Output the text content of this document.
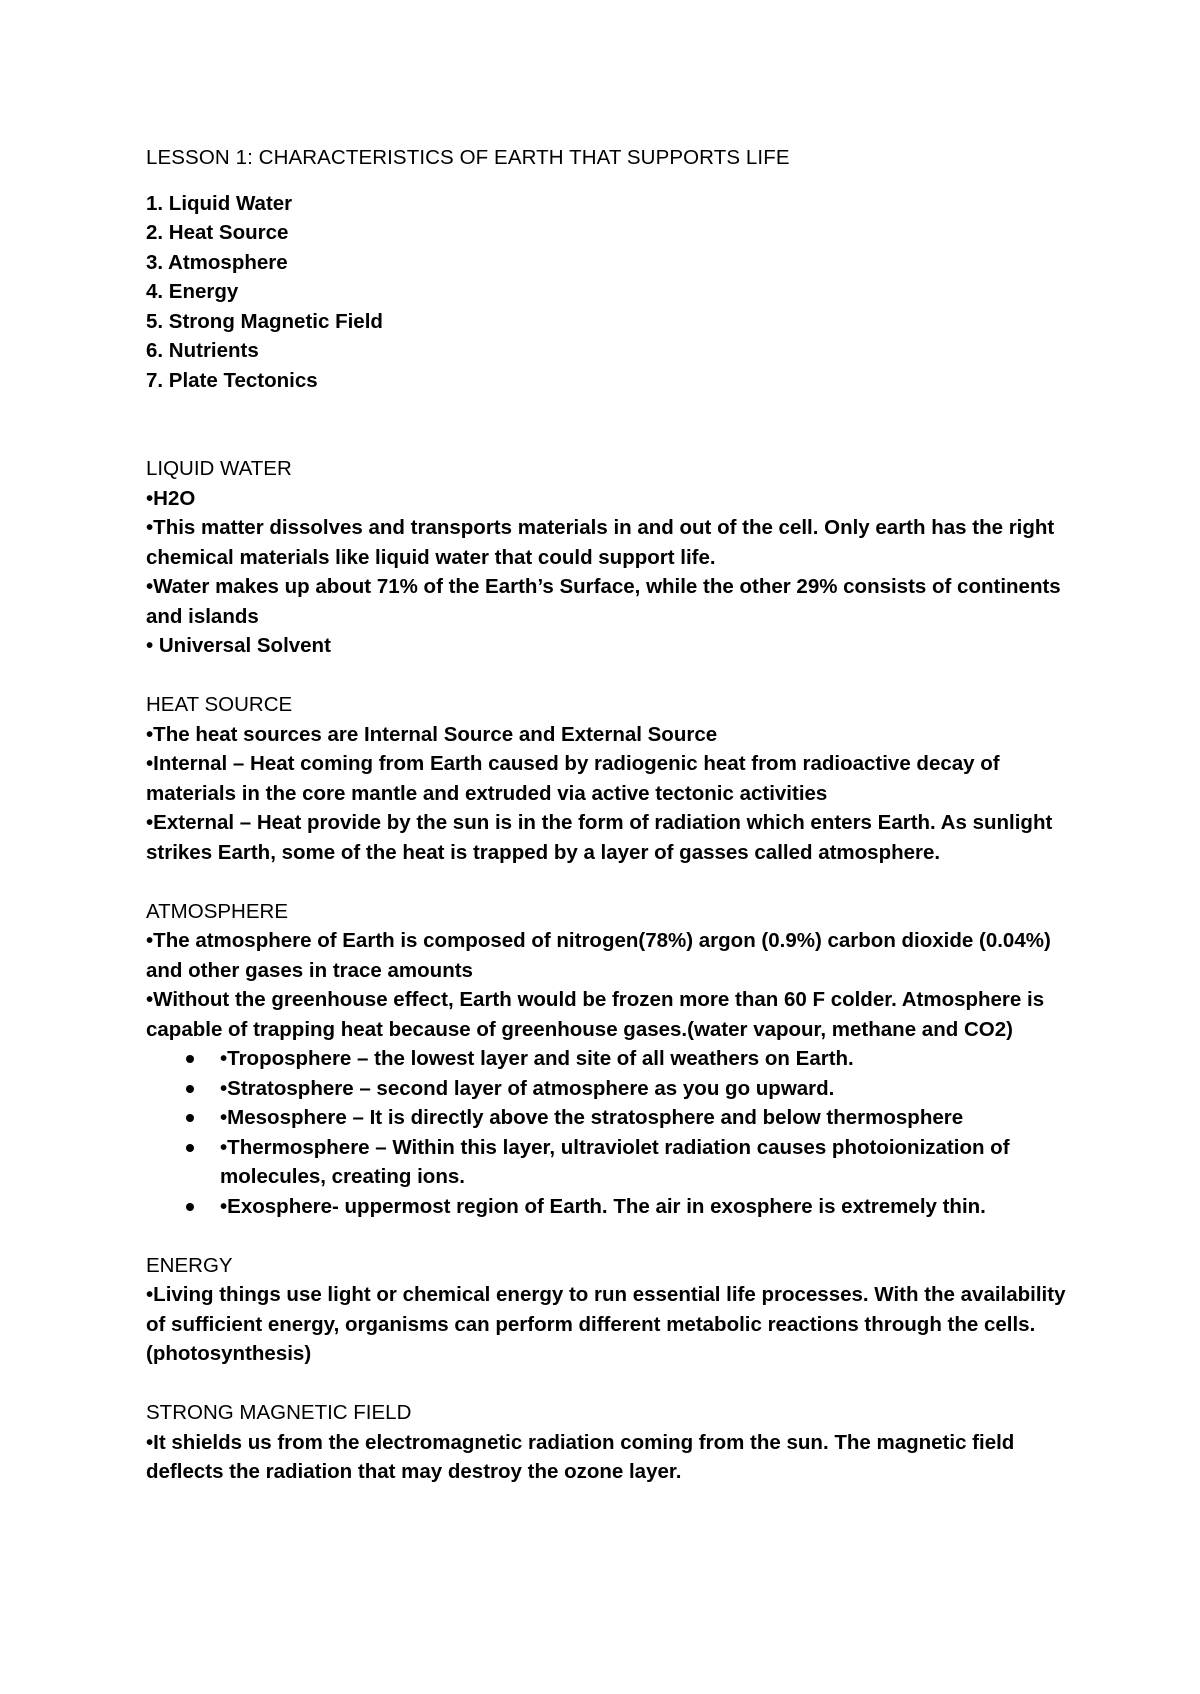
LESSON 1: CHARACTERISTICS OF EARTH THAT SUPPORTS LIFE
1. Liquid Water
2. Heat Source
3. Atmosphere
4. Energy
5. Strong Magnetic Field
6. Nutrients
7. Plate Tectonics
LIQUID WATER
•H2O
•This matter dissolves and transports materials in and out of the cell. Only earth has the right chemical materials like liquid water that could support life.
•Water makes up about 71% of the Earth’s Surface, while the other 29% consists of continents and islands
• Universal Solvent
HEAT SOURCE
•The heat sources are Internal Source and External Source
•Internal – Heat coming from Earth caused by radiogenic heat from radioactive decay of materials in the core mantle and extruded via active tectonic activities
•External – Heat provide by the sun is in the form of radiation which enters Earth. As sunlight strikes Earth, some of the heat is trapped by a layer of gasses called atmosphere.
ATMOSPHERE
•The atmosphere of Earth is composed of nitrogen(78%) argon (0.9%) carbon dioxide (0.04%) and other gases in trace amounts
•Without the greenhouse effect, Earth would be frozen more than 60 F colder. Atmosphere is capable of trapping heat because of greenhouse gases.(water vapour, methane and CO2)
•Troposphere – the lowest layer and site of all weathers on Earth.
•Stratosphere – second layer of atmosphere as you go upward.
•Mesosphere – It is directly above the stratosphere and below thermosphere
•Thermosphere – Within this layer, ultraviolet radiation causes photoionization of molecules, creating ions.
•Exosphere- uppermost region of Earth. The air in exosphere is extremely thin.
ENERGY
•Living things use light or chemical energy to run essential life processes. With the availability of sufficient energy, organisms can perform different metabolic reactions through the cells.(photosynthesis)
STRONG MAGNETIC FIELD
•It shields us from the electromagnetic radiation coming from the sun. The magnetic field deflects the radiation that may destroy the ozone layer.
